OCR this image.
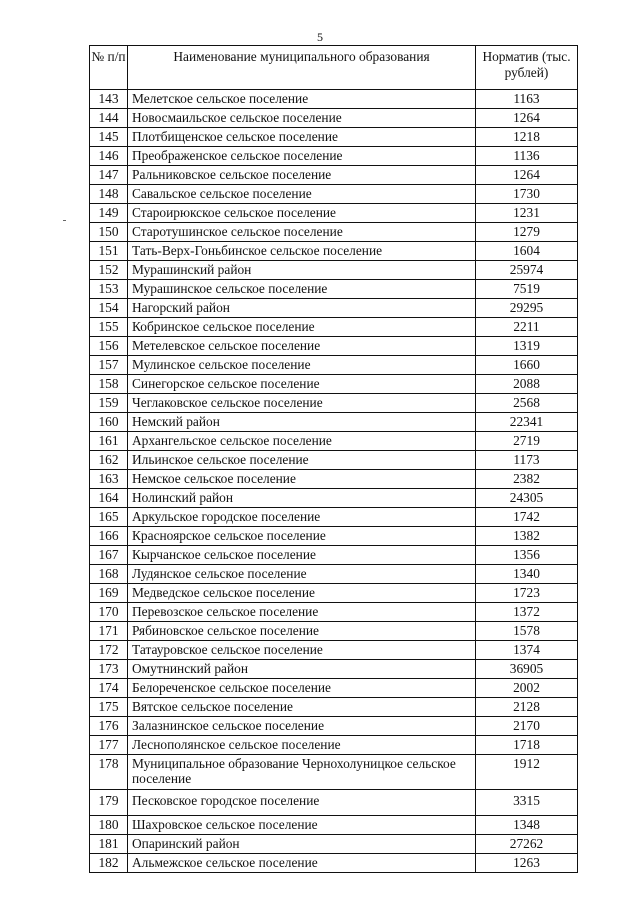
5
№ п/п	Наименование муниципального образования	Норматив (тыс. рублей)
143	Мелетское сельское поселение	1163
144	Новосмаильское сельское поселение	1264
145	Плотбищенское сельское поселение	1218
146	Преображенское сельское поселение	1136
147	Ральниковское сельское поселение	1264
148	Савальское сельское поселение	1730
149	Староирюкское сельское поселение	1231
150	Старотушинское сельское поселение	1279
151	Тать-Верх-Гоньбинское сельское поселение	1604
152	Мурашинский район	25974
153	Мурашинское сельское поселение	7519
154	Нагорский район	29295
155	Кобринское сельское поселение	2211
156	Метелевское сельское поселение	1319
157	Мулинское сельское поселение	1660
158	Синегорское сельское поселение	2088
159	Чеглаковское сельское поселение	2568
160	Немский район	22341
161	Архангельское сельское поселение	2719
162	Ильинское сельское поселение	1173
163	Немское сельское поселение	2382
164	Нолинский район	24305
165	Аркульское городское поселение	1742
166	Красноярское сельское поселение	1382
167	Кырчанское сельское поселение	1356
168	Лудянское сельское поселение	1340
169	Медведское сельское поселение	1723
170	Перевозское сельское поселение	1372
171	Рябиновское сельское поселение	1578
172	Татауровское сельское поселение	1374
173	Омутнинский район	36905
174	Белореченское сельское поселение	2002
175	Вятское сельское поселение	2128
176	Залазнинское сельское поселение	2170
177	Леснополянское сельское поселение	1718
178	Муниципальное образование Чернохолуницкое сельское поселение	1912
179	Песковское городское поселение	3315
180	Шахровское сельское поселение	1348
181	Опаринский район	27262
182	Альмежское сельское поселение	1263
